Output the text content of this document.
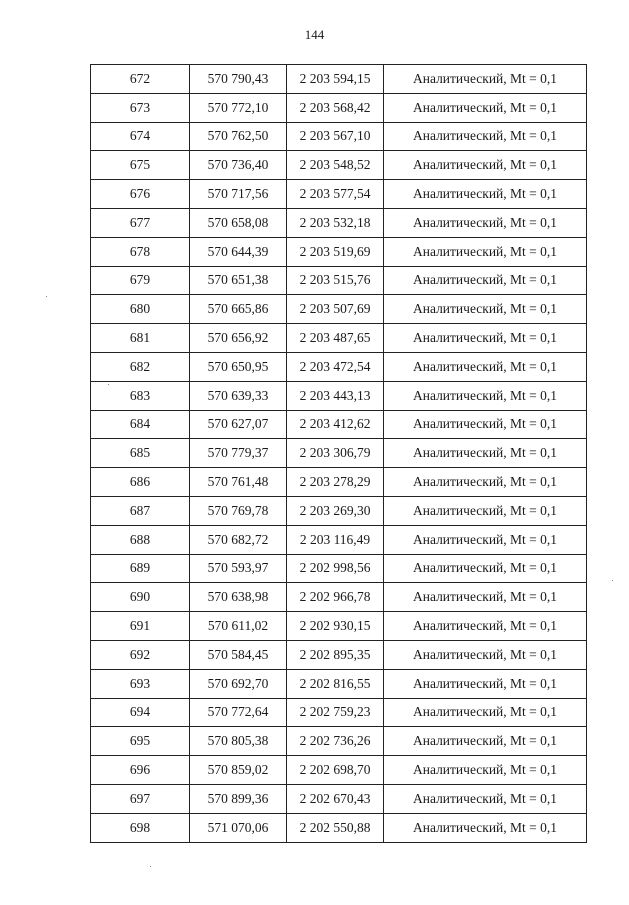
144
672	570 790,43	2 203 594,15	Аналитический, Mt = 0,1
673	570 772,10	2 203 568,42	Аналитический, Mt = 0,1
674	570 762,50	2 203 567,10	Аналитический, Mt = 0,1
675	570 736,40	2 203 548,52	Аналитический, Mt = 0,1
676	570 717,56	2 203 577,54	Аналитический, Mt = 0,1
677	570 658,08	2 203 532,18	Аналитический, Mt = 0,1
678	570 644,39	2 203 519,69	Аналитический, Mt = 0,1
679	570 651,38	2 203 515,76	Аналитический, Mt = 0,1
680	570 665,86	2 203 507,69	Аналитический, Mt = 0,1
681	570 656,92	2 203 487,65	Аналитический, Mt = 0,1
682	570 650,95	2 203 472,54	Аналитический, Mt = 0,1
683	570 639,33	2 203 443,13	Аналитический, Mt = 0,1
684	570 627,07	2 203 412,62	Аналитический, Mt = 0,1
685	570 779,37	2 203 306,79	Аналитический, Mt = 0,1
686	570 761,48	2 203 278,29	Аналитический, Mt = 0,1
687	570 769,78	2 203 269,30	Аналитический, Mt = 0,1
688	570 682,72	2 203 116,49	Аналитический, Mt = 0,1
689	570 593,97	2 202 998,56	Аналитический, Mt = 0,1
690	570 638,98	2 202 966,78	Аналитический, Mt = 0,1
691	570 611,02	2 202 930,15	Аналитический, Mt = 0,1
692	570 584,45	2 202 895,35	Аналитический, Mt = 0,1
693	570 692,70	2 202 816,55	Аналитический, Mt = 0,1
694	570 772,64	2 202 759,23	Аналитический, Mt = 0,1
695	570 805,38	2 202 736,26	Аналитический, Mt = 0,1
696	570 859,02	2 202 698,70	Аналитический, Mt = 0,1
697	570 899,36	2 202 670,43	Аналитический, Mt = 0,1
698	571 070,06	2 202 550,88	Аналитический, Mt = 0,1
